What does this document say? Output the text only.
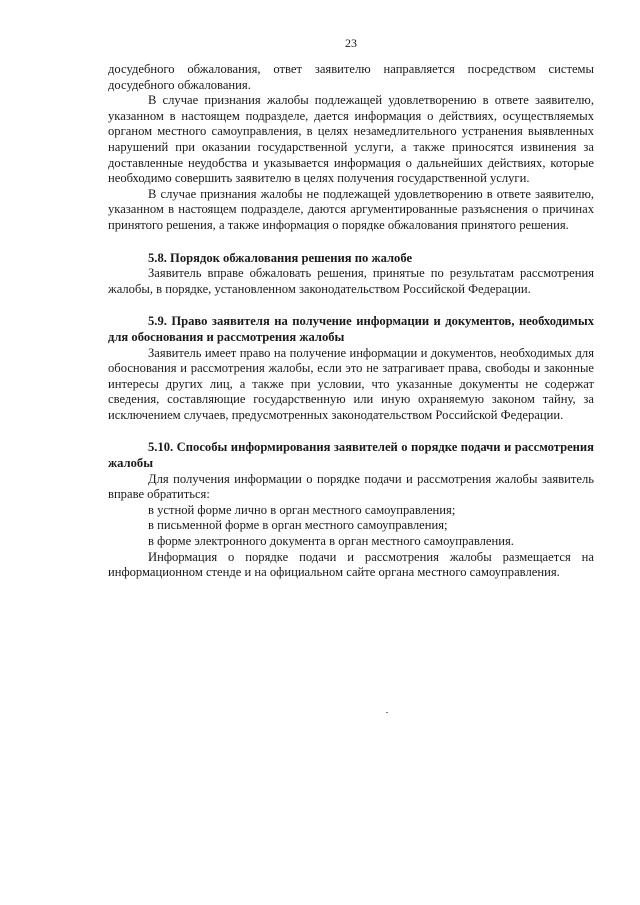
23

досудебного обжалования, ответ заявителю направляется посредством системы досудебного обжалования.

В случае признания жалобы подлежащей удовлетворению в ответе заявителю, указанном в настоящем подразделе, дается информация о действиях, осуществляемых органом местного самоуправления, в целях незамедлительного устранения выявленных нарушений при оказании государственной услуги, а также приносятся извинения за доставленные неудобства и указывается информация о дальнейших действиях, которые необходимо совершить заявителю в целях получения государственной услуги.

В случае признания жалобы не подлежащей удовлетворению в ответе заявителю, указанном в настоящем подразделе, даются аргументированные разъяснения о причинах принятого решения, а также информация о порядке обжалования принятого решения.

5.8. Порядок обжалования решения по жалобе

Заявитель вправе обжаловать решения, принятые по результатам рассмотрения жалобы, в порядке, установленном законодательством Российской Федерации.

5.9. Право заявителя на получение информации и документов, необходимых для обоснования и рассмотрения жалобы

Заявитель имеет право на получение информации и документов, необходимых для обоснования и рассмотрения жалобы, если это не затрагивает права, свободы и законные интересы других лиц, а также при условии, что указанные документы не содержат сведения, составляющие государственную или иную охраняемую законом тайну, за исключением случаев, предусмотренных законодательством Российской Федерации.

5.10. Способы информирования заявителей о порядке подачи и рассмотрения жалобы

Для получения информации о порядке подачи и рассмотрения жалобы заявитель вправе обратиться:

в устной форме лично в орган местного самоуправления;

в письменной форме в орган местного самоуправления;

в форме электронного документа в орган местного самоуправления.

Информация о порядке подачи и рассмотрения жалобы размещается на информационном стенде и на официальном сайте органа местного самоуправления.
